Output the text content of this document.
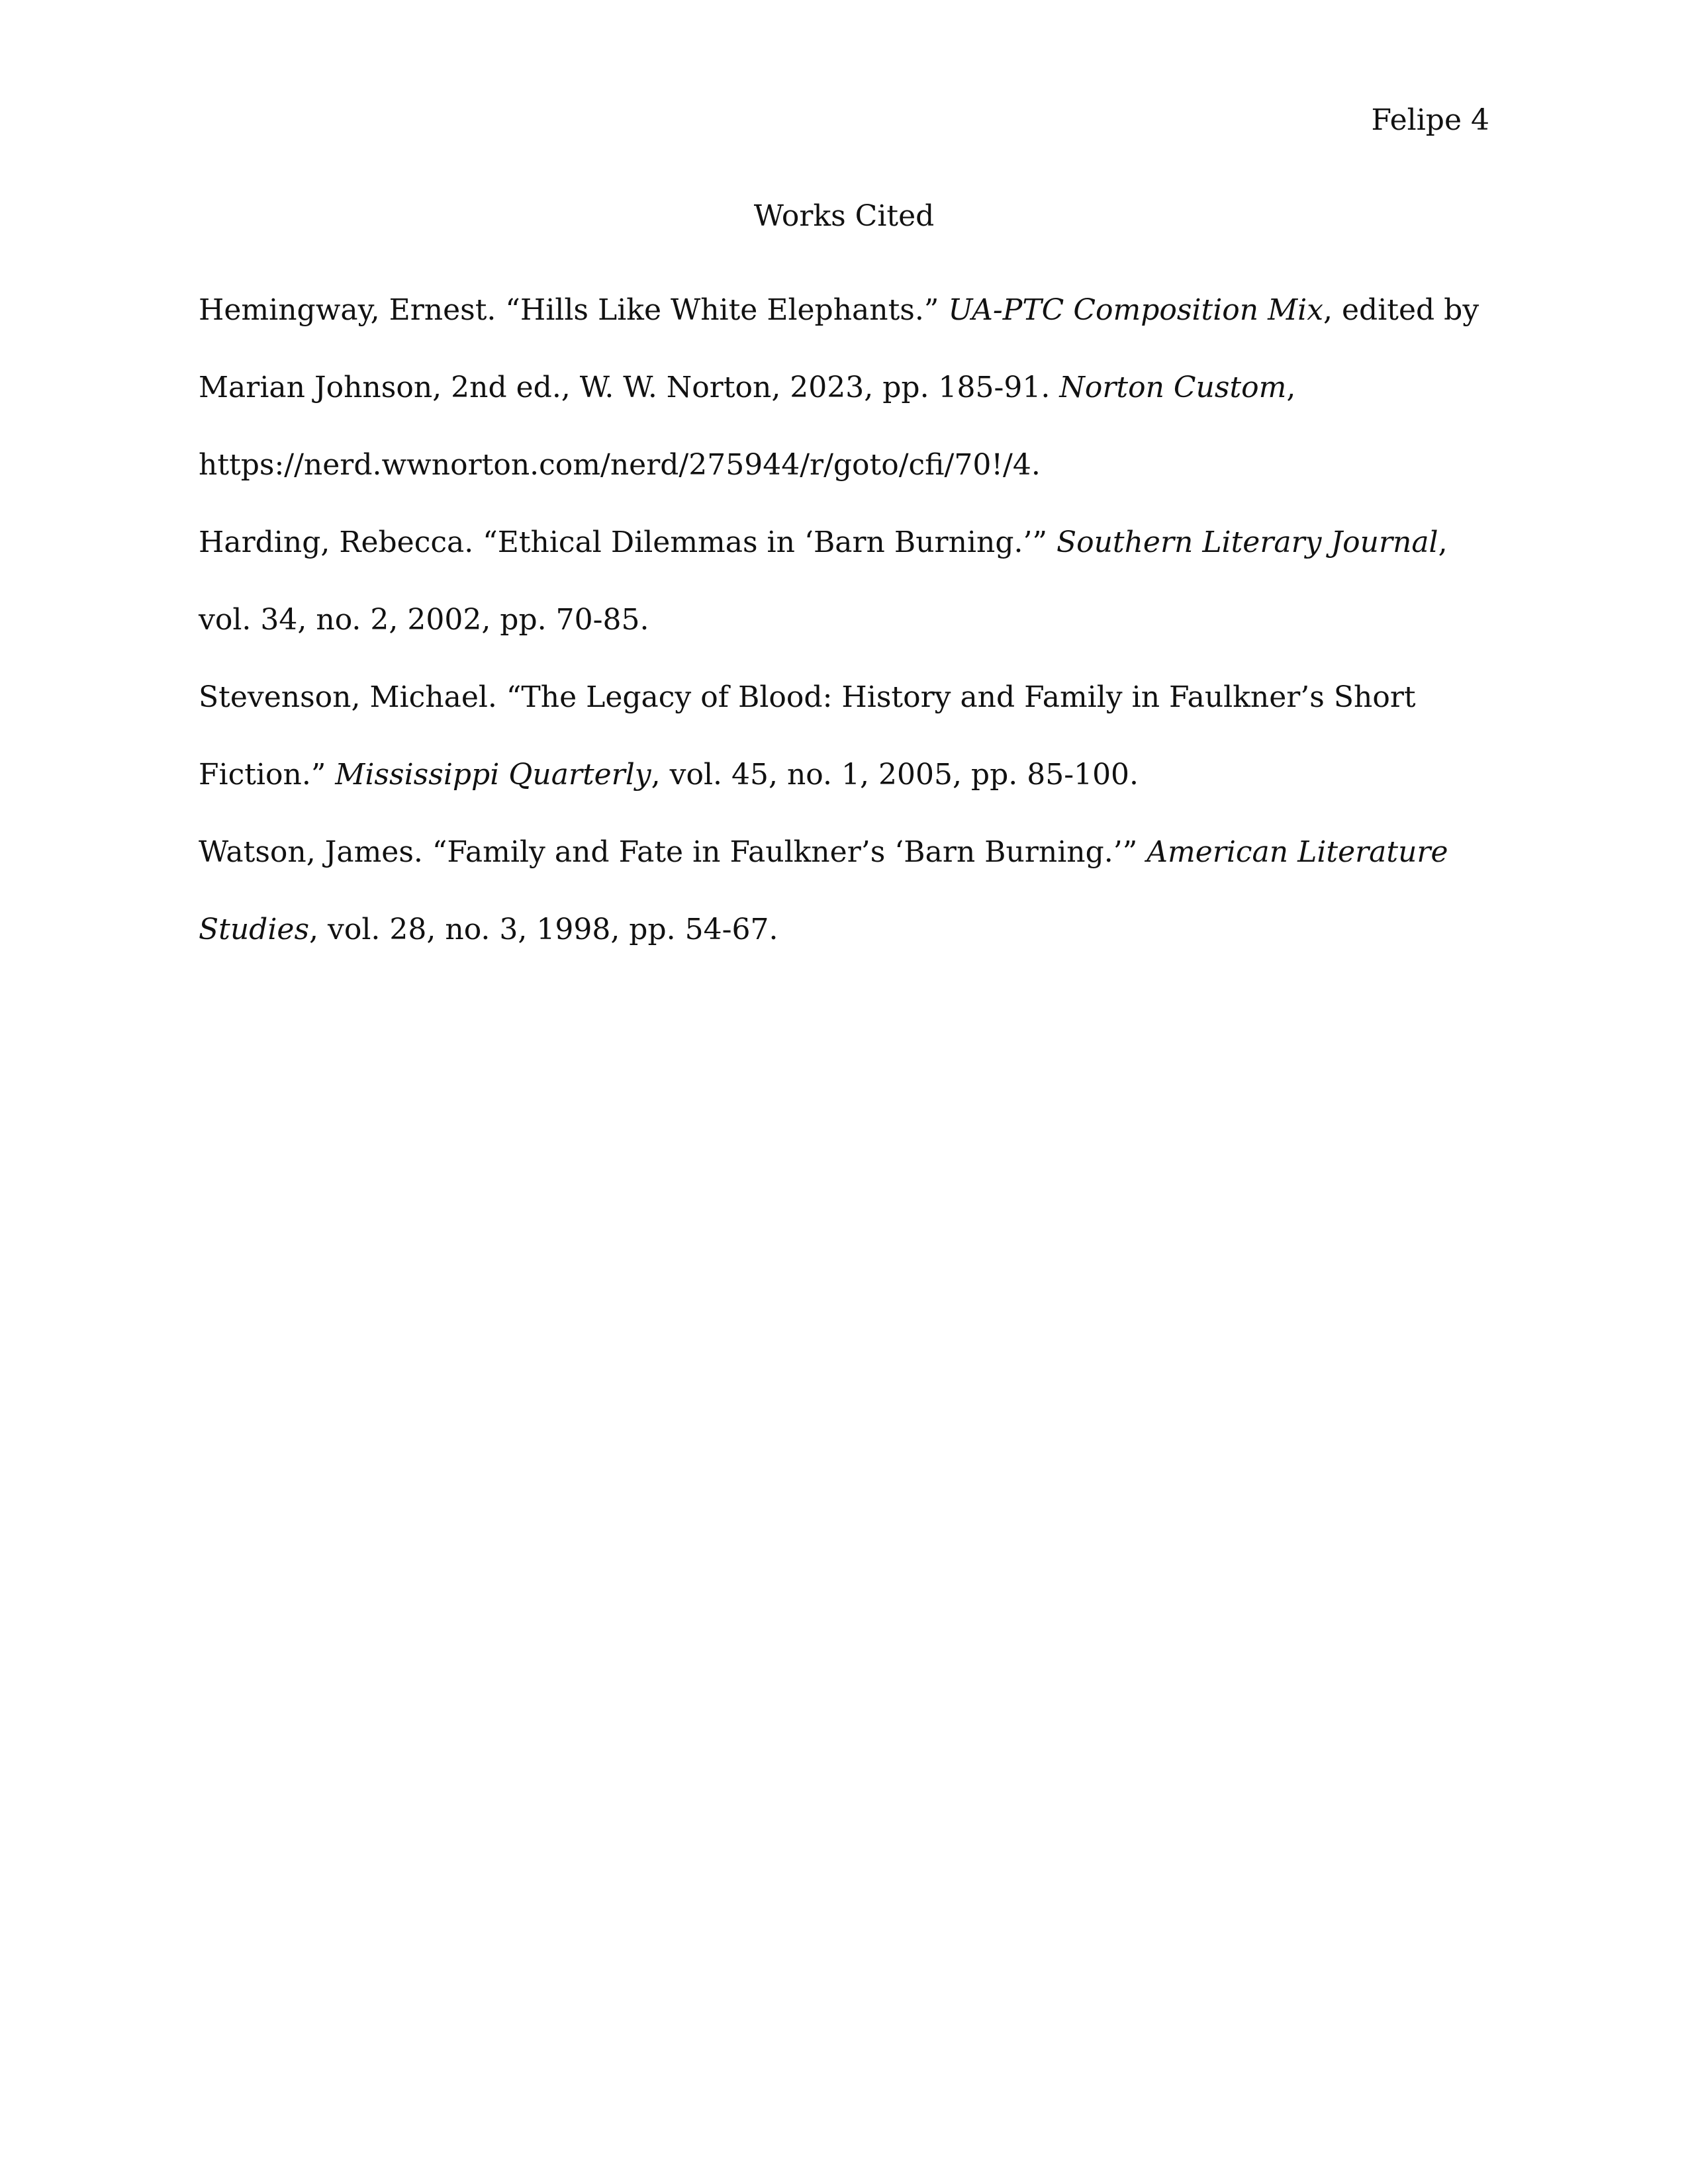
Felipe 4
Works Cited
Hemingway, Ernest. “Hills Like White Elephants.” UA-PTC Composition Mix, edited by
Marian Johnson, 2nd ed., W. W. Norton, 2023, pp. 185-91. Norton Custom,
https://nerd.wwnorton.com/nerd/275944/r/goto/cfi/70!/4.
Harding, Rebecca. “Ethical Dilemmas in ‘Barn Burning.’” Southern Literary Journal,
vol. 34, no. 2, 2002, pp. 70-85.
Stevenson, Michael. “The Legacy of Blood: History and Family in Faulkner’s Short
Fiction.” Mississippi Quarterly, vol. 45, no. 1, 2005, pp. 85-100.
Watson, James. “Family and Fate in Faulkner’s ‘Barn Burning.’” American Literature
Studies, vol. 28, no. 3, 1998, pp. 54-67.
